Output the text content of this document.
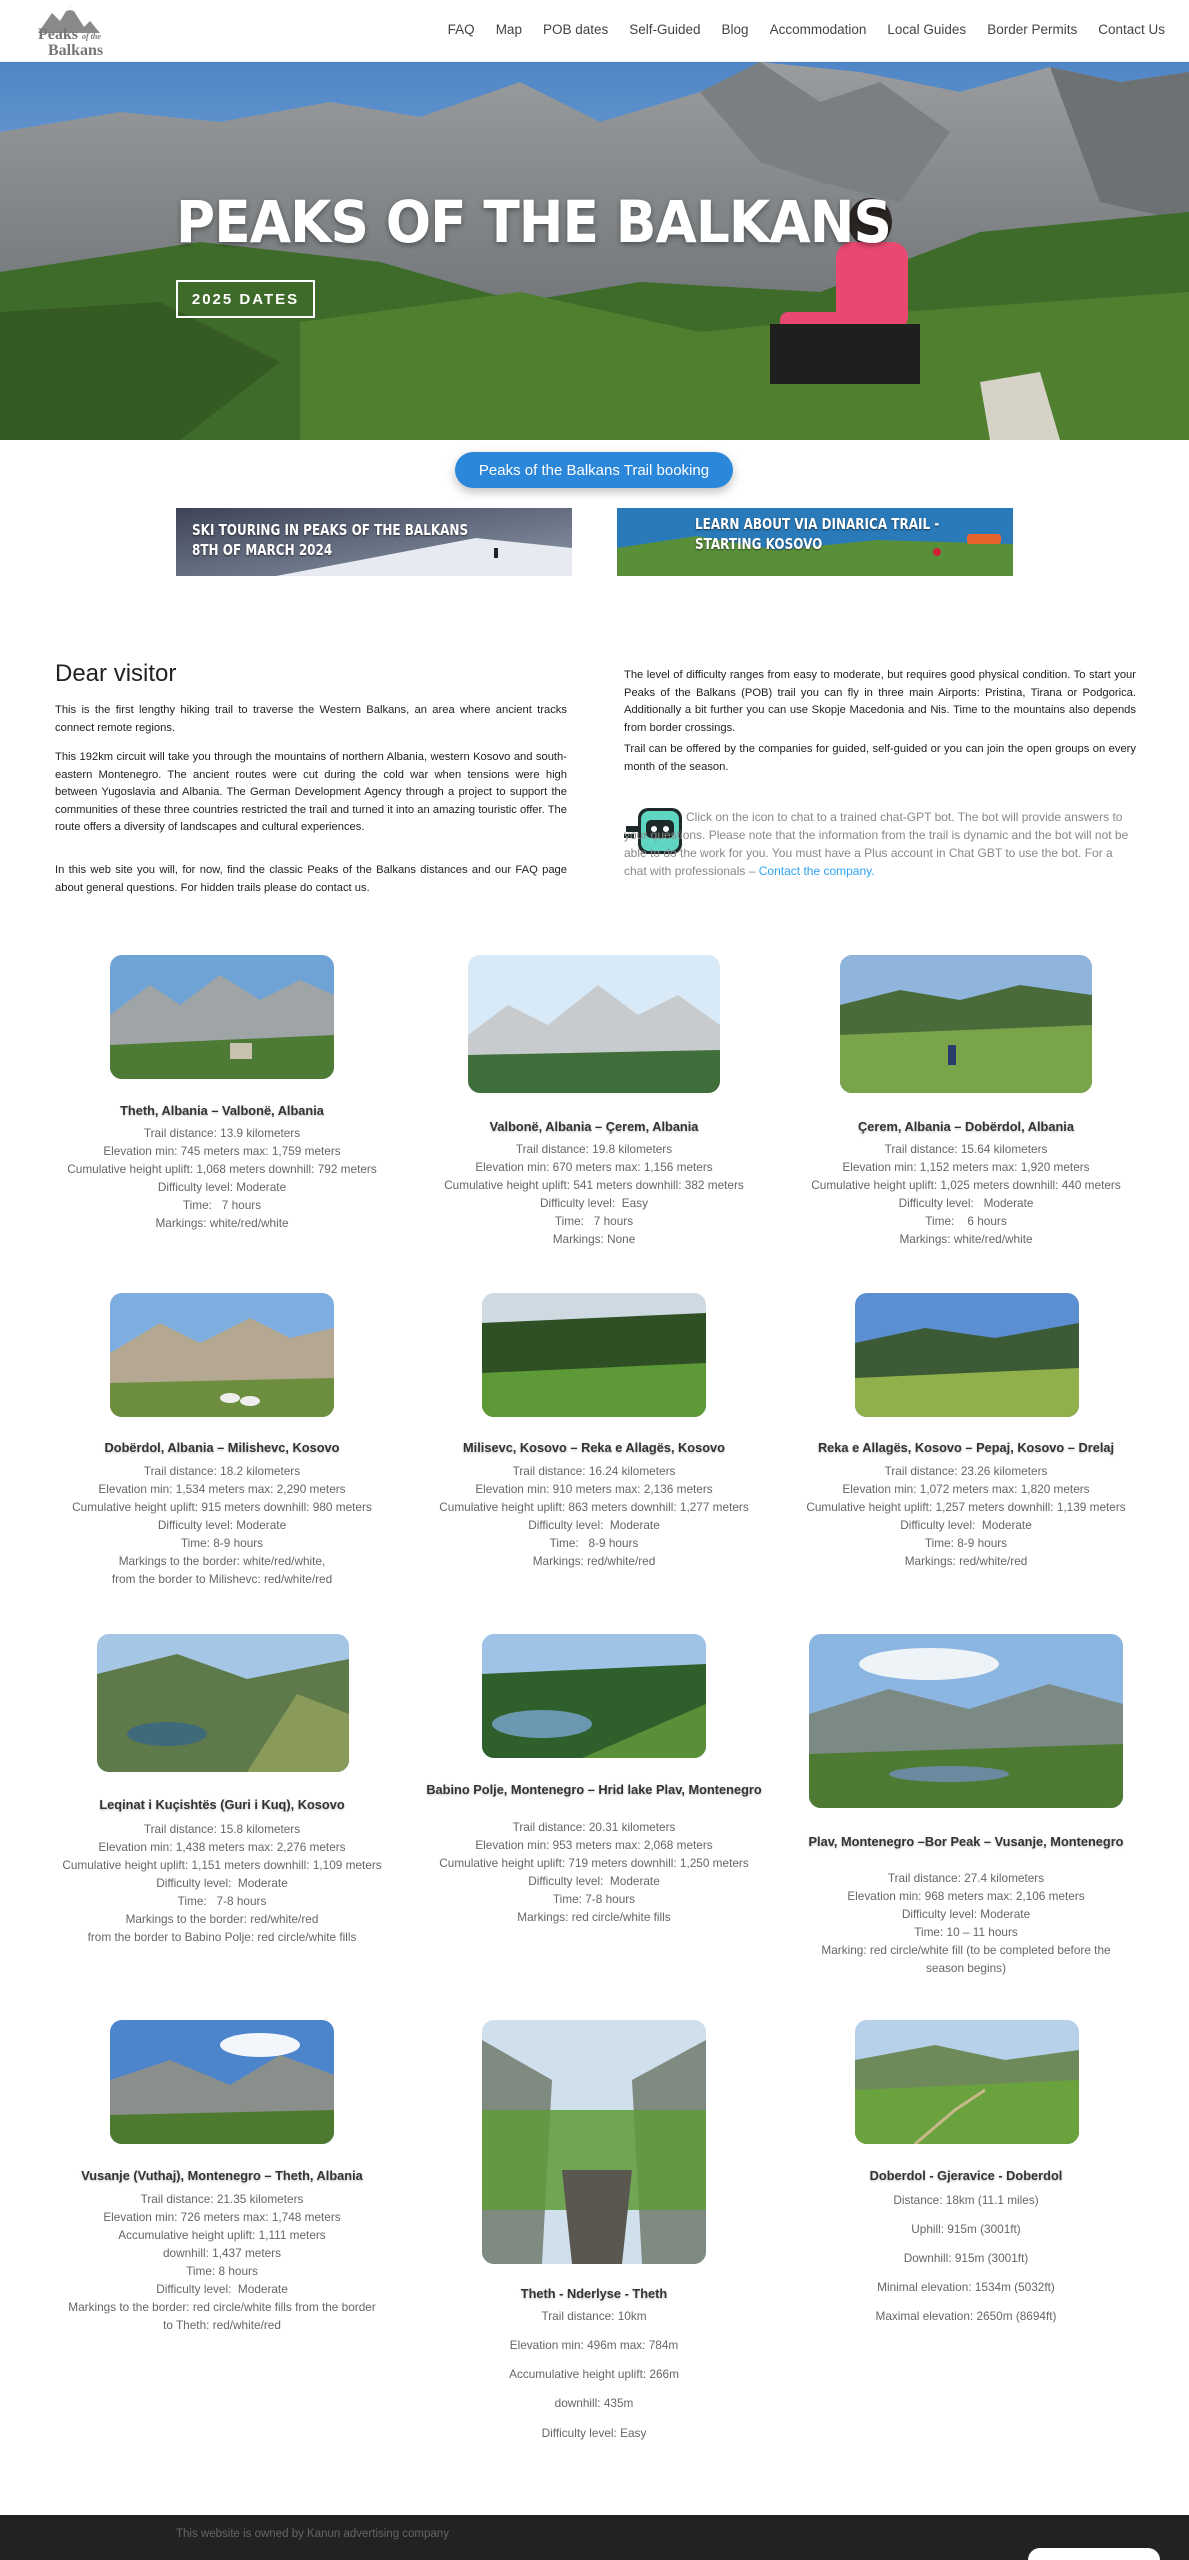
Peaks of the
Balkans
FAQ Map POB dates Self-Guided Blog Accommodation Local Guides Border Permits Contact Us
PEAKS OF THE BALKANS
2025 DATES
Peaks of the Balkans Trail booking
SKI TOURING IN PEAKS OF THE BALKANS
8TH OF MARCH 2024
LEARN ABOUT VIA DINARICA TRAIL - STARTING KOSOVO
Dear visitor
This is the first lengthy hiking trail to traverse the Western Balkans, an area where ancient tracks connect remote regions.
This 192km circuit will take you through the mountains of northern Albania, western Kosovo and south-eastern Montenegro. The ancient routes were cut during the cold war when tensions were high between Yugoslavia and Albania. The German Development Agency through a project to support the communities of these three countries restricted the trail and turned it into an amazing touristic offer. The route offers a diversity of landscapes and cultural experiences.
In this web site you will, for now, find the classic Peaks of the Balkans distances and our FAQ page about general questions. For hidden trails please do contact us.
The level of difficulty ranges from easy to moderate, but requires good physical condition. To start your Peaks of the Balkans (POB) trail you can fly in three main Airports: Pristina, Tirana or Podgorica. Additionally a bit further you can use Skopje Macedonia and Nis. Time to the mountains also depends from border crossings.
Trail can be offered by the companies for guided, self-guided or you can join the open groups on every month of the season.
Click on the icon to chat to a trained chat-GPT bot. The bot will provide answers to your questions. Please note that the information from the trail is dynamic and the bot will not be able to do the work for you. You must have a Plus account in Chat GBT to use the bot. For a chat with professionals – Contact the company.
Theth, Albania – Valbonë, Albania
Trail distance: 13.9 kilometers
Elevation min: 745 meters max: 1,759 meters
Cumulative height uplift: 1,068 meters downhill: 792 meters
Difficulty level: Moderate
Time:   7 hours
Markings: white/red/white
Valbonë, Albania – Çerem, Albania
Trail distance: 19.8 kilometers
Elevation min: 670 meters max: 1,156 meters
Cumulative height uplift: 541 meters downhill: 382 meters
Difficulty level:  Easy
Time:   7 hours
Markings: None
Çerem, Albania – Dobërdol, Albania
Trail distance: 15.64 kilometers
Elevation min: 1,152 meters max: 1,920 meters
Cumulative height uplift: 1,025 meters downhill: 440 meters
Difficulty level:   Moderate
Time:    6 hours
Markings: white/red/white
Dobërdol, Albania – Milishevc, Kosovo
Trail distance: 18.2 kilometers
Elevation min: 1,534 meters max: 2,290 meters
Cumulative height uplift: 915 meters downhill: 980 meters
Difficulty level: Moderate
Time: 8-9 hours
Markings to the border: white/red/white,
from the border to Milishevc: red/white/red
Milisevc, Kosovo – Reka e Allagës, Kosovo
Trail distance: 16.24 kilometers
Elevation min: 910 meters max: 2,136 meters
Cumulative height uplift: 863 meters downhill: 1,277 meters
Difficulty level:  Moderate
Time:   8-9 hours
Markings: red/white/red
Reka e Allagës, Kosovo – Pepaj, Kosovo – Drelaj
Trail distance: 23.26 kilometers
Elevation min: 1,072 meters max: 1,820 meters
Cumulative height uplift: 1,257 meters downhill: 1,139 meters
Difficulty level:  Moderate
Time: 8-9 hours
Markings: red/white/red
Leqinat i Kuçishtës (Guri i Kuq), Kosovo
Trail distance: 15.8 kilometers
Elevation min: 1,438 meters max: 2,276 meters
Cumulative height uplift: 1,151 meters downhill: 1,109 meters
Difficulty level:  Moderate
Time:   7-8 hours
Markings to the border: red/white/red
from the border to Babino Polje: red circle/white fills
Babino Polje, Montenegro – Hrid lake Plav, Montenegro
Trail distance: 20.31 kilometers
Elevation min: 953 meters max: 2,068 meters
Cumulative height uplift: 719 meters downhill: 1,250 meters
Difficulty level:  Moderate
Time: 7-8 hours
Markings: red circle/white fills
Plav, Montenegro –Bor Peak – Vusanje, Montenegro
Trail distance: 27.4 kilometers
Elevation min: 968 meters max: 2,106 meters
Difficulty level: Moderate
Time: 10 – 11 hours
Marking: red circle/white fill (to be completed before the
season begins)
Vusanje (Vuthaj), Montenegro – Theth, Albania
Trail distance: 21.35 kilometers
Elevation min: 726 meters max: 1,748 meters
Accumulative height uplift: 1,111 meters
downhill: 1,437 meters
Time: 8 hours
Difficulty level:  Moderate
Markings to the border: red circle/white fills from the border
to Theth: red/white/red
Theth - Nderlyse - Theth
Trail distance: 10km
Elevation min: 496m max: 784m
Accumulative height uplift: 266m
downhill: 435m
Difficulty level: Easy
Doberdol - Gjeravice - Doberdol
Distance: 18km (11.1 miles)
Uphill: 915m (3001ft)
Downhill: 915m (3001ft)
Minimal elevation: 1534m (5032ft)
Maximal elevation: 2650m (8694ft)
This website is owned by Kanun advertising company
